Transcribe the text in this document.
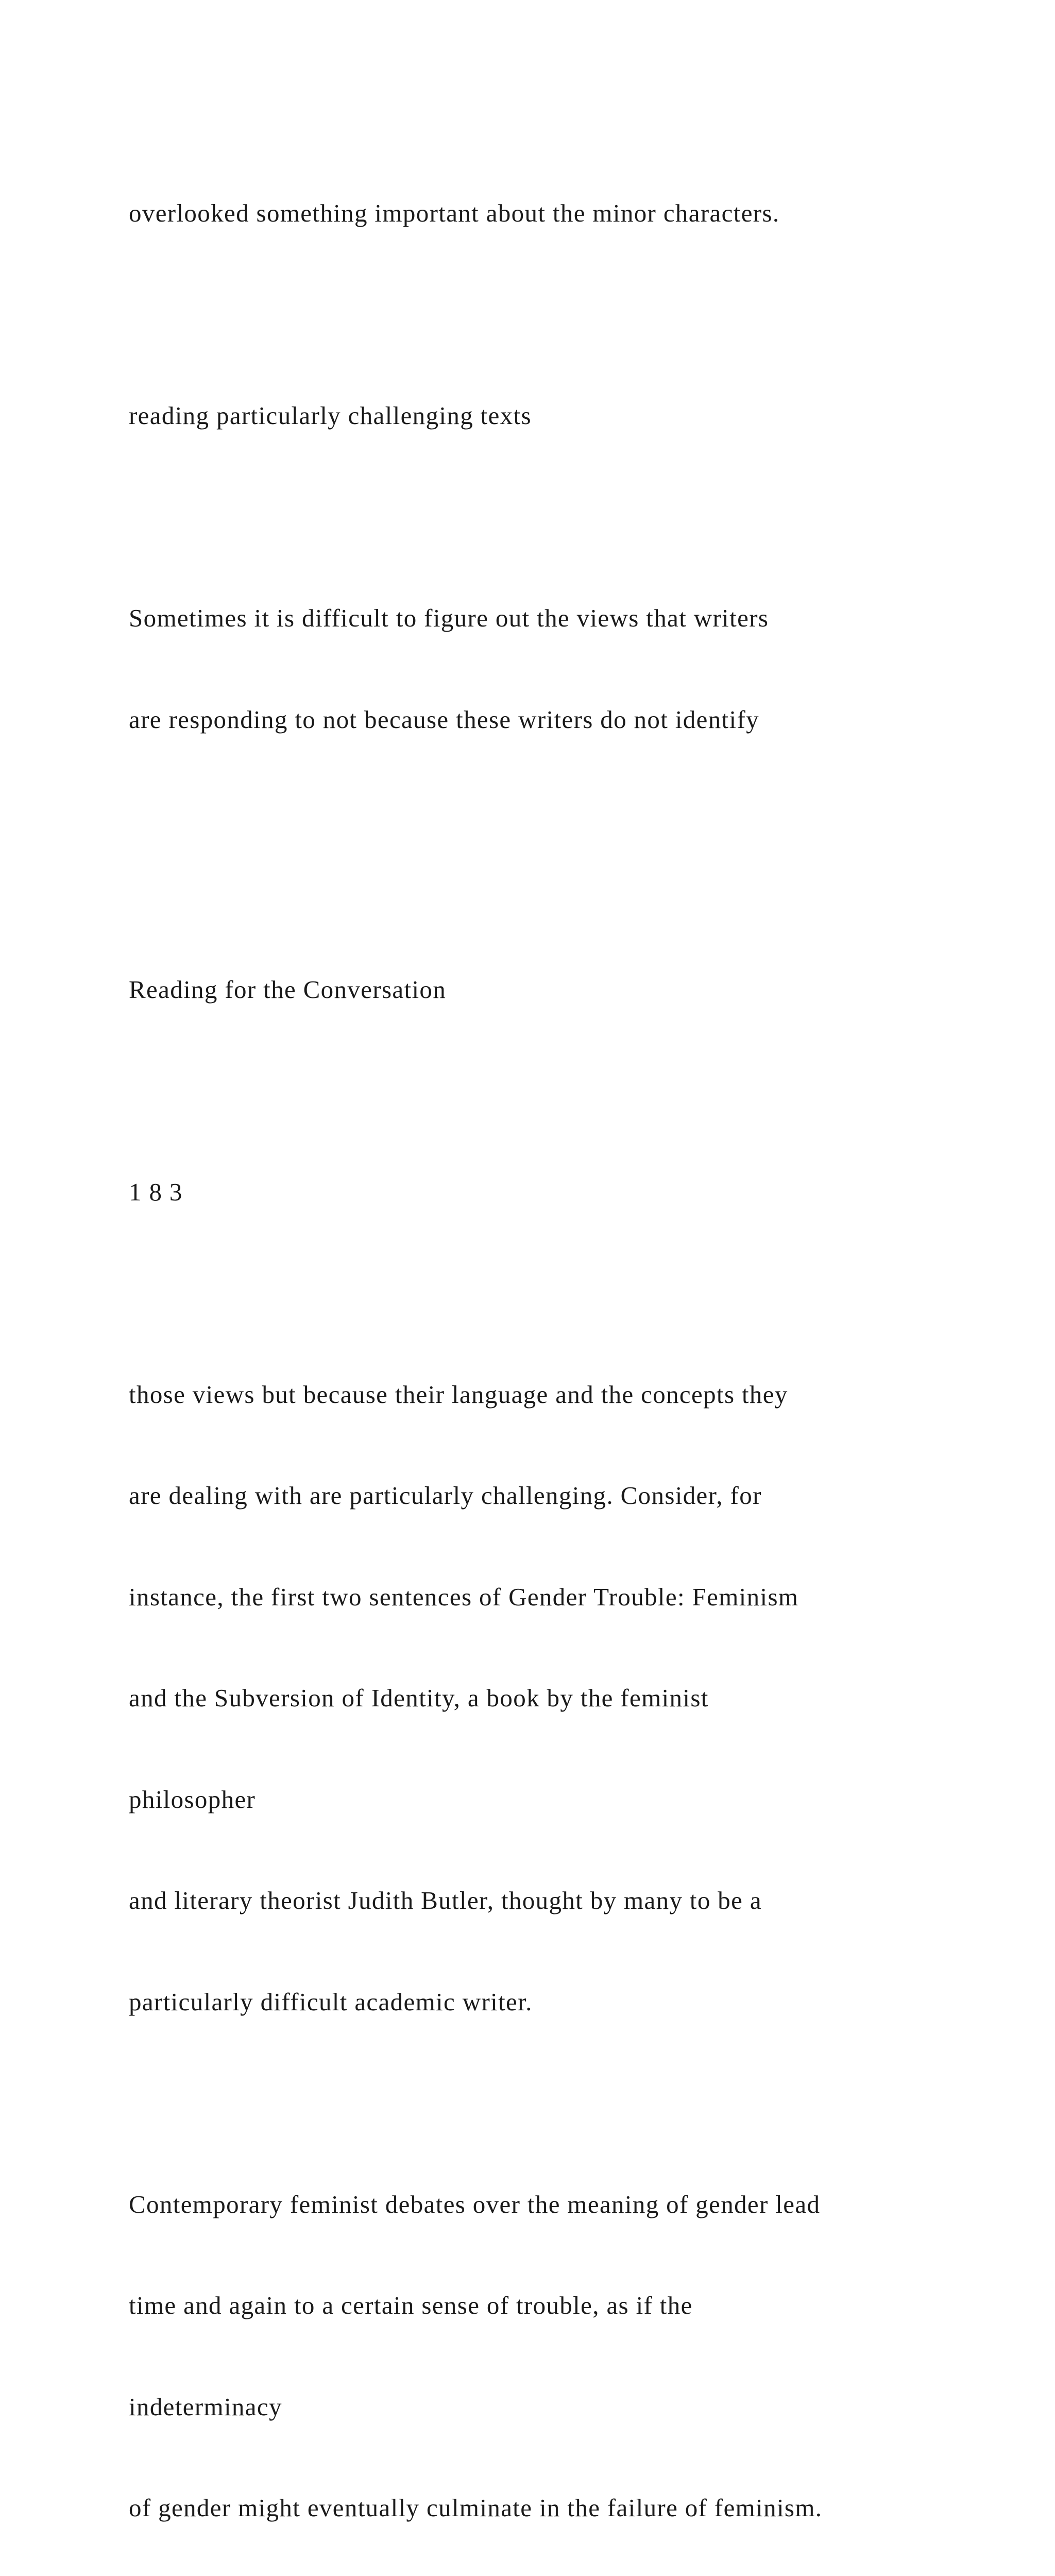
overlooked something important about the minor characters.

reading particularly challenging texts

Sometimes it is difficult to figure out the views that writers

are responding to not because these writers do not identify

Reading for the Conversation

1 8 3

those views but because their language and the concepts they

are dealing with are particularly challenging. Consider, for

instance, the first two sentences of Gender Trouble: Feminism

and the Subversion of Identity, a book by the feminist

philosopher

and literary theorist Judith Butler, thought by many to be a

particularly difficult academic writer.

Contemporary feminist debates over the meaning of gender lead

time and again to a certain sense of trouble, as if the

indeterminacy

of gender might eventually culminate in the failure of feminism.
